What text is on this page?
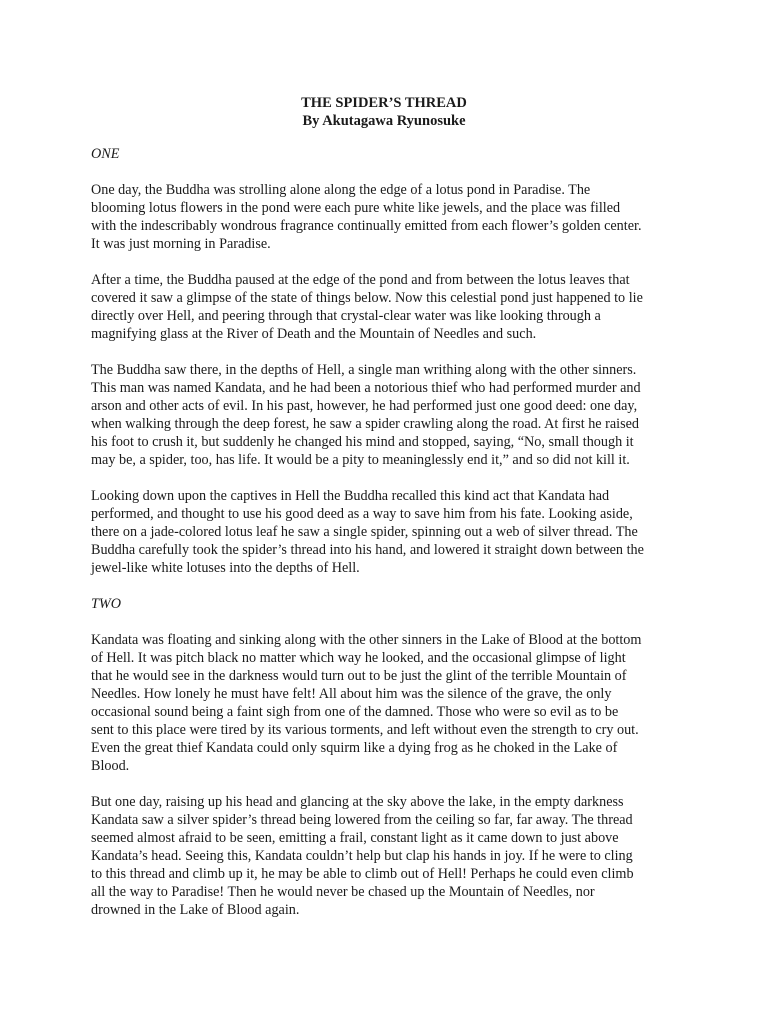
THE SPIDER’S THREAD
By Akutagawa Ryunosuke
ONE
One day, the Buddha was strolling alone along the edge of a lotus pond in Paradise. The
blooming lotus flowers in the pond were each pure white like jewels, and the place was filled
with the indescribably wondrous fragrance continually emitted from each flower’s golden center.
It was just morning in Paradise.
After a time, the Buddha paused at the edge of the pond and from between the lotus leaves that
covered it saw a glimpse of the state of things below. Now this celestial pond just happened to lie
directly over Hell, and peering through that crystal-clear water was like looking through a
magnifying glass at the River of Death and the Mountain of Needles and such.
The Buddha saw there, in the depths of Hell, a single man writhing along with the other sinners.
This man was named Kandata, and he had been a notorious thief who had performed murder and
arson and other acts of evil. In his past, however, he had performed just one good deed: one day,
when walking through the deep forest, he saw a spider crawling along the road. At first he raised
his foot to crush it, but suddenly he changed his mind and stopped, saying, “No, small though it
may be, a spider, too, has life. It would be a pity to meaninglessly end it,” and so did not kill it.
Looking down upon the captives in Hell the Buddha recalled this kind act that Kandata had
performed, and thought to use his good deed as a way to save him from his fate. Looking aside,
there on a jade-colored lotus leaf he saw a single spider, spinning out a web of silver thread. The
Buddha carefully took the spider’s thread into his hand, and lowered it straight down between the
jewel-like white lotuses into the depths of Hell.
TWO
Kandata was floating and sinking along with the other sinners in the Lake of Blood at the bottom
of Hell. It was pitch black no matter which way he looked, and the occasional glimpse of light
that he would see in the darkness would turn out to be just the glint of the terrible Mountain of
Needles. How lonely he must have felt! All about him was the silence of the grave, the only
occasional sound being a faint sigh from one of the damned. Those who were so evil as to be
sent to this place were tired by its various torments, and left without even the strength to cry out.
Even the great thief Kandata could only squirm like a dying frog as he choked in the Lake of
Blood.
But one day, raising up his head and glancing at the sky above the lake, in the empty darkness
Kandata saw a silver spider’s thread being lowered from the ceiling so far, far away. The thread
seemed almost afraid to be seen, emitting a frail, constant light as it came down to just above
Kandata’s head. Seeing this, Kandata couldn’t help but clap his hands in joy. If he were to cling
to this thread and climb up it, he may be able to climb out of Hell! Perhaps he could even climb
all the way to Paradise! Then he would never be chased up the Mountain of Needles, nor
drowned in the Lake of Blood again.
